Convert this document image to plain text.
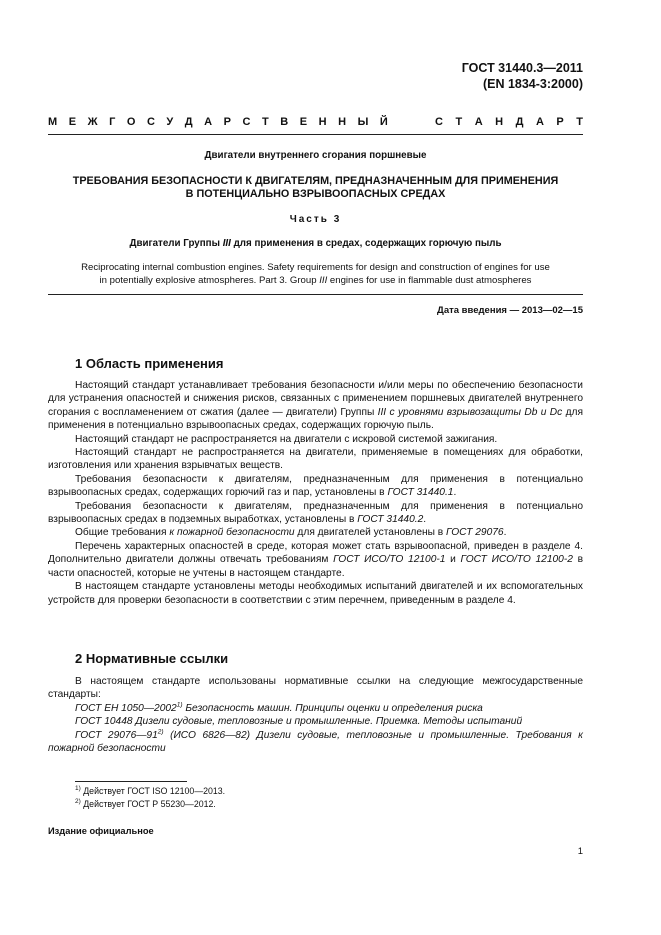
ГОСТ 31440.3—2011
(EN 1834-3:2000)
М Е Ж Г О С У Д А Р С Т В Е Н Н Ы Й	С Т А Н Д А Р Т
Двигатели внутреннего сгорания поршневые
ТРЕБОВАНИЯ БЕЗОПАСНОСТИ К ДВИГАТЕЛЯМ, ПРЕДНАЗНАЧЕННЫМ ДЛЯ ПРИМЕНЕНИЯ
В ПОТЕНЦИАЛЬНО ВЗРЫВООПАСНЫХ СРЕДАХ
Часть 3
Двигатели Группы III для применения в средах, содержащих горючую пыль
Reciprocating internal combustion engines. Safety requirements for design and construction of engines for use
in potentially explosive atmospheres. Part 3. Group III engines for use in flammable dust atmospheres
Дата введения — 2013—02—15
1 Область применения

Настоящий стандарт устанавливает требования безопасности и/или меры по обеспечению безопасности для устранения опасностей и снижения рисков, связанных с применением поршневых двигателей внутреннего сгорания с воспламенением от сжатия (далее — двигатели) Группы III с уровнями взрывозащиты Db и Dc для применения в потенциально взрывоопасных средах, содержащих горючую пыль.

Настоящий стандарт не распространяется на двигатели с искровой системой зажигания.

Настоящий стандарт не распространяется на двигатели, применяемые в помещениях для обработки, изготовления или хранения взрывчатых веществ.

Требования безопасности к двигателям, предназначенным для применения в потенциально взрывоопасных средах, содержащих горючий газ и пар, установлены в ГОСТ 31440.1.

Требования безопасности к двигателям, предназначенным для применения в потенциально взрывоопасных средах в подземных выработках, установлены в ГОСТ 31440.2.

Общие требования к пожарной безопасности для двигателей установлены в ГОСТ 29076.

Перечень характерных опасностей в среде, которая может стать взрывоопасной, приведен в разделе 4. Дополнительно двигатели должны отвечать требованиям ГОСТ ИСО/ТО 12100-1 и ГОСТ ИСО/ТО 12100-2 в части опасностей, которые не учтены в настоящем стандарте.

В настоящем стандарте установлены методы необходимых испытаний двигателей и их вспомогательных устройств для проверки безопасности в соответствии с этим перечнем, приведенным в разделе 4.

2 Нормативные ссылки

В настоящем стандарте использованы нормативные ссылки на следующие межгосударственные стандарты:

ГОСТ ЕН 1050—2002$^{1)}$ Безопасность машин. Принципы оценки и определения риска

ГОСТ 10448 Дизели судовые, тепловозные и промышленные. Приемка. Методы испытаний

ГОСТ 29076—91$^{2)}$ (ИСО 6826—82) Дизели судовые, тепловозные и промышленные. Требования к пожарной безопасности

$^{1)}$ Действует ГОСТ ISO 12100—2013.
$^{2)}$ Действует ГОСТ Р 55230—2012.
Издание официальное
1
